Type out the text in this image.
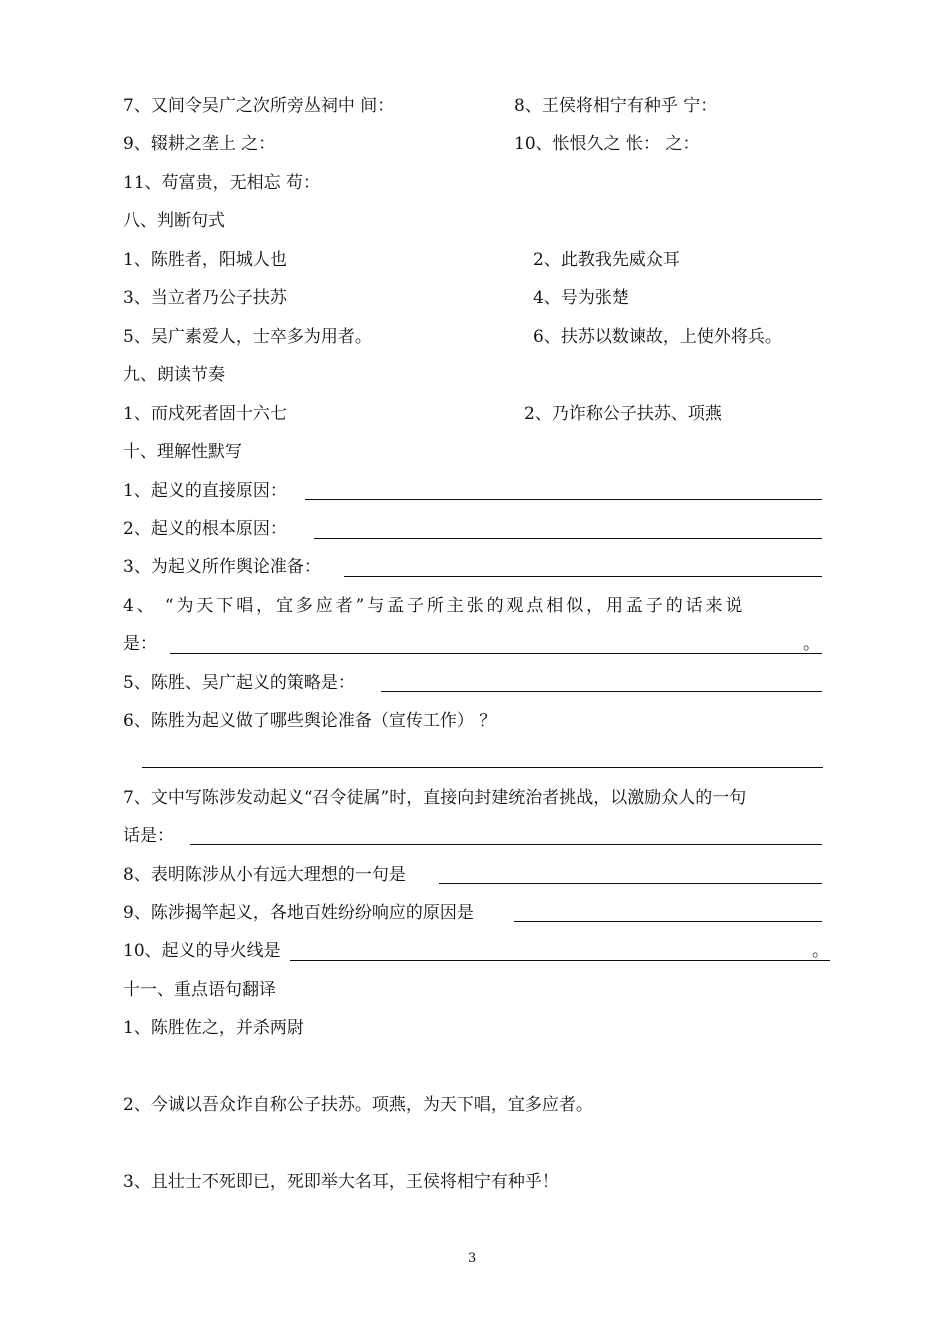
7、又间令吴广之次所旁丛祠中 间：	8、王侯将相宁有种乎 宁：
9、辍耕之垄上 之：	10、怅恨久之 怅： 之：
11、苟富贵，无相忘 苟：
八、判断句式
1、陈胜者，阳城人也	2、此教我先威众耳
3、当立者乃公子扶苏	4、号为张楚
5、吴广素爱人，士卒多为用者。	6、扶苏以数谏故，上使外将兵。
九、朗读节奏
1、而戍死者固十六七	2、乃诈称公子扶苏、项燕
十、理解性默写
1、起义的直接原因：
2、起义的根本原因：
3、为起义所作舆论准备：
4、 “为天下唱，宜多应者”与孟子所主张的观点相似，用孟子的话来说
是：	。
5、陈胜、吴广起义的策略是：
6、陈胜为起义做了哪些舆论准备（宣传工作） ？
7、文中写陈涉发动起义“召令徒属”时，直接向封建统治者挑战，以激励众人的一句
话是：
8、表明陈涉从小有远大理想的一句是
9、陈涉揭竿起义，各地百姓纷纷响应的原因是
10、起义的导火线是	。
十一、重点语句翻译
1、陈胜佐之，并杀两尉
2、今诚以吾众诈自称公子扶苏。项燕，为天下唱，宜多应者。
3、且壮士不死即已，死即举大名耳，王侯将相宁有种乎！
3
